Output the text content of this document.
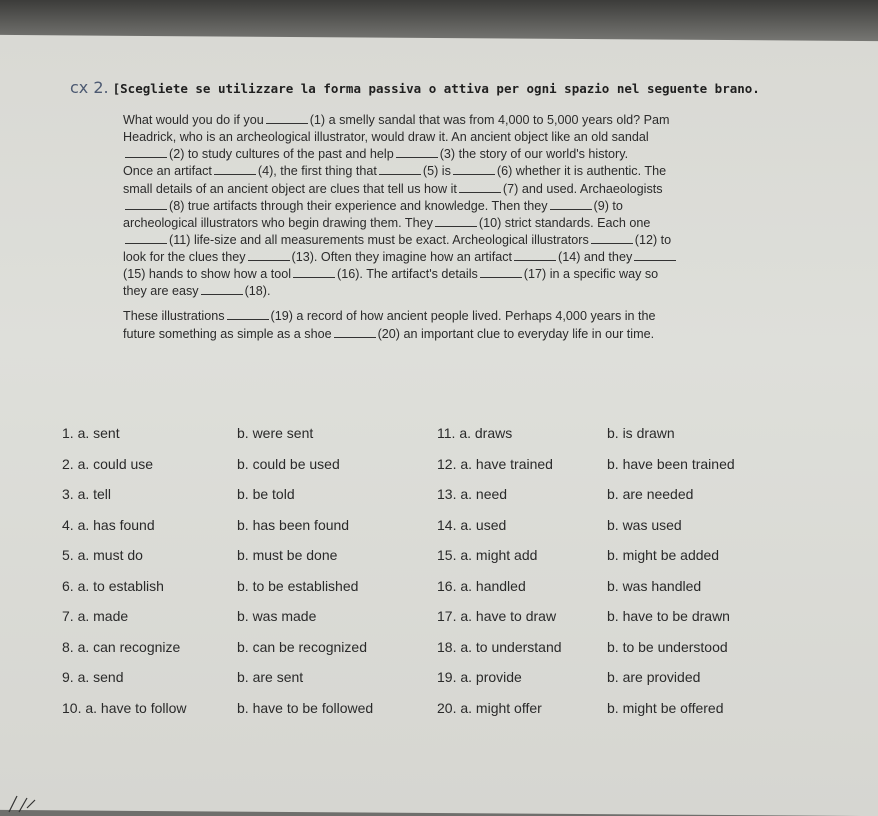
cx 2. [Scegliete se utilizzare la forma passiva o attiva per ogni spazio nel seguente brano.
What would you do if you	(1) a smelly sandal that was from 4,000 to 5,000 years old? Pam
Headrick, who is an archeological illustrator, would draw it. An ancient object like an old sandal
(2) to study cultures of the past and help	(3) the story of our world's history.
Once an artifact	(4), the first thing that	(5) is	(6) whether it is authentic. The
small details of an ancient object are clues that tell us how it	(7) and used. Archaeologists
(8) true artifacts through their experience and knowledge. Then they	(9) to
archeological illustrators who begin drawing them. They	(10) strict standards. Each one
(11) life-size and all measurements must be exact. Archeological illustrators	(12) to
look for the clues they	(13). Often they imagine how an artifact	(14) and they
(15) hands to show how a tool	(16). The artifact's details	(17) in a specific way so
they are easy	(18).
These illustrations	(19) a record of how ancient people lived. Perhaps 4,000 years in the
future something as simple as a shoe	(20) an important clue to everyday life in our time.
1. a. sent	b. were sent	11. a. draws	b. is drawn
2. a. could use	b. could be used	12. a. have trained	b. have been trained
3. a. tell	b. be told	13. a. need	b. are needed
4. a. has found	b. has been found	14. a. used	b. was used
5. a. must do	b. must be done	15. a. might add	b. might be added
6. a. to establish	b. to be established	16. a. handled	b. was handled
7. a. made	b. was made	17. a. have to draw	b. have to be drawn
8. a. can recognize	b. can be recognized	18. a. to understand	b. to be understood
9. a. send	b. are sent	19. a. provide	b. are provided
10. a. have to follow	b. have to be followed	20. a. might offer	b. might be offered
